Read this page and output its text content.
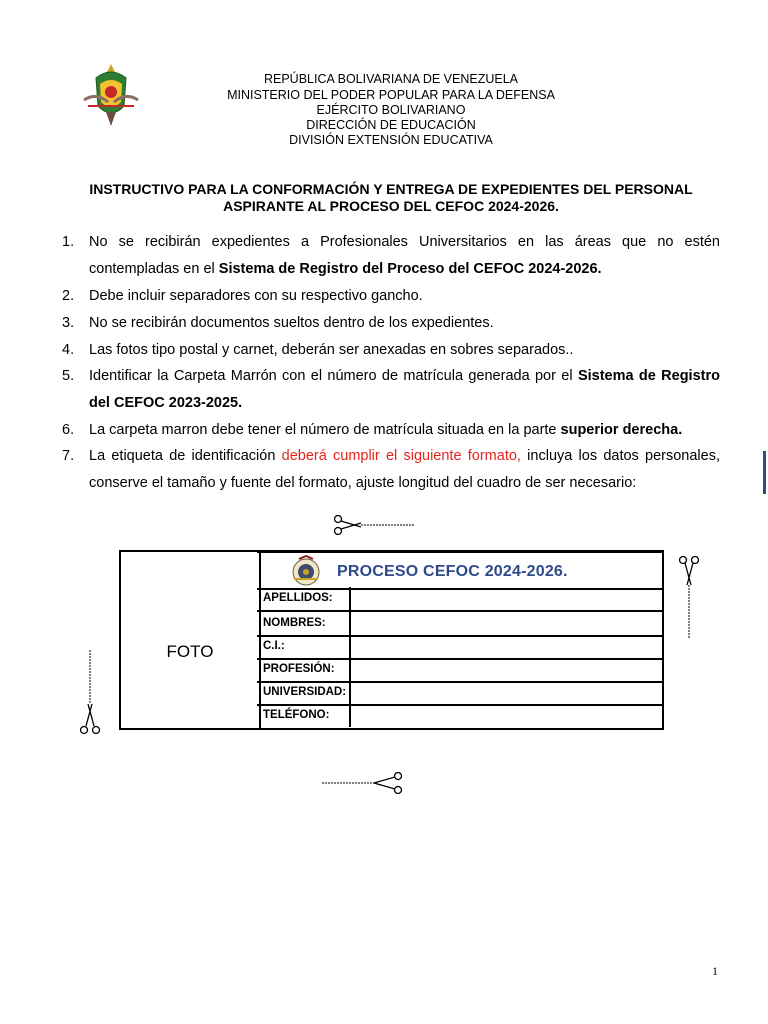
REPÚBLICA BOLIVARIANA DE VENEZUELA
MINISTERIO DEL PODER POPULAR PARA LA DEFENSA
EJÉRCITO BOLIVARIANO
DIRECCIÓN DE EDUCACIÓN
DIVISIÓN EXTENSIÓN EDUCATIVA
INSTRUCTIVO PARA LA CONFORMACIÓN Y ENTREGA DE EXPEDIENTES DEL PERSONAL
ASPIRANTE AL PROCESO DEL CEFOC 2024-2026.
1. No se recibirán expedientes a Profesionales Universitarios en las áreas que no estén contempladas en el Sistema de Registro del Proceso del CEFOC 2024-2026.
2. Debe incluir separadores con su respectivo gancho.
3. No se recibirán documentos sueltos dentro de los expedientes.
4. Las fotos tipo postal y carnet, deberán ser anexadas en sobres separados..
5. Identificar la Carpeta Marrón con el número de matrícula generada por el Sistema de Registro del CEFOC 2023-2025.
6. La carpeta marron debe tener el número de matrícula situada en la parte superior derecha.
7. La etiqueta de identificación deberá cumplir el siguiente formato, incluya los datos personales, conserve el tamaño y fuente del formato, ajuste longitud del cuadro de ser necesario:
FOTO
PROCESO CEFOC 2024-2026.
APELLIDOS:
NOMBRES:
C.I.:
PROFESIÓN:
UNIVERSIDAD:
TELÉFONO:
1
